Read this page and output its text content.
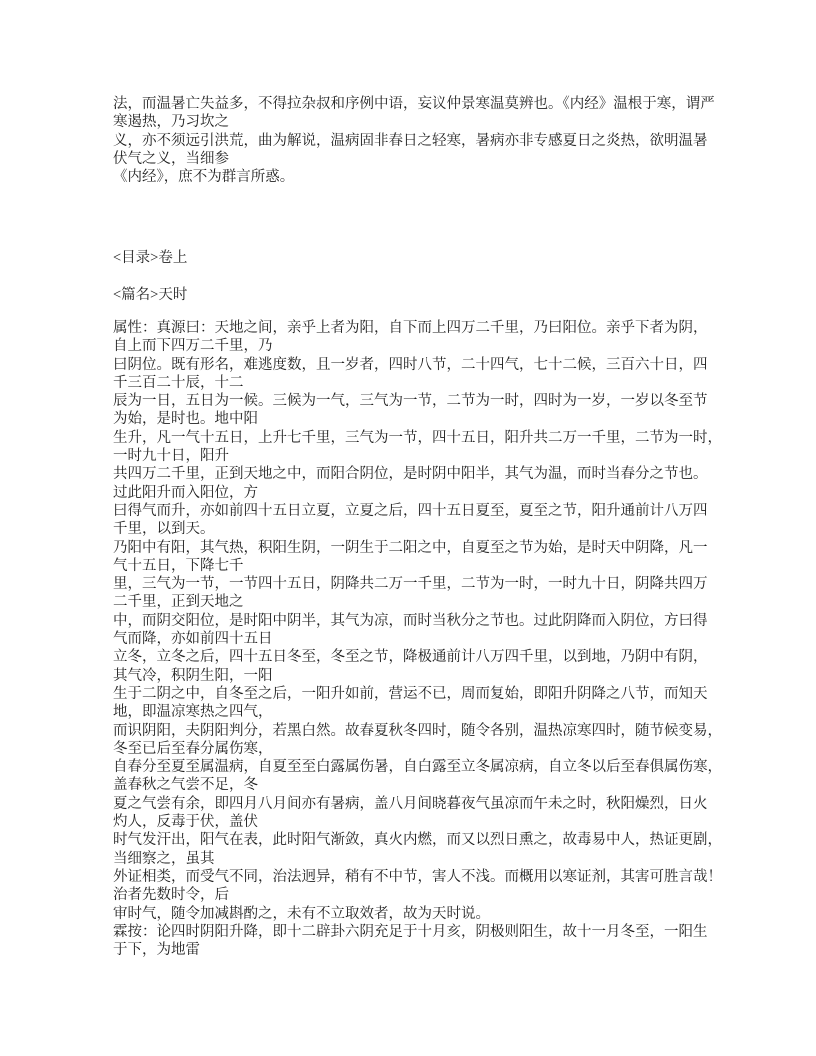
法，而温暑亡失益多，不得拉杂叔和序例中语，妄议仲景寒温莫辨也。《内经》温根于寒，谓严
寒遏热，乃习坎之
义，亦不须远引洪荒，曲为解说，温病固非春日之轻寒，暑病亦非专感夏日之炎热，欲明温暑
伏气之义，当细参
《内经》，庶不为群言所惑。
<目录>卷上
<篇名>天时
属性：真源曰：天地之间，亲乎上者为阳，自下而上四万二千里，乃曰阳位。亲乎下者为阴，
自上而下四万二千里，乃
曰阴位。既有形名，难逃度数，且一岁者，四时八节，二十四气，七十二候，三百六十日，四
千三百二十辰，十二
辰为一日，五日为一候。三候为一气，三气为一节，二节为一时，四时为一岁，一岁以冬至节
为始，是时也。地中阳
生升，凡一气十五日，上升七千里，三气为一节，四十五日，阳升共二万一千里，二节为一时，
一时九十日，阳升
共四万二千里，正到天地之中，而阳合阴位，是时阴中阳半，其气为温，而时当春分之节也。
过此阳升而入阳位，方
曰得气而升，亦如前四十五日立夏，立夏之后，四十五日夏至，夏至之节，阳升通前计八万四
千里，以到天。
乃阳中有阳，其气热，积阳生阴，一阴生于二阳之中，自夏至之节为始，是时天中阴降，凡一
气十五日，下降七千
里，三气为一节，一节四十五日，阴降共二万一千里，二节为一时，一时九十日，阴降共四万
二千里，正到天地之
中，而阴交阳位，是时阳中阴半，其气为凉，而时当秋分之节也。过此阴降而入阴位，方曰得
气而降，亦如前四十五日
立冬，立冬之后，四十五日冬至，冬至之节，降极通前计八万四千里，以到地，乃阴中有阴，
其气冷，积阴生阳，一阳
生于二阴之中，自冬至之后，一阳升如前，营运不已，周而复始，即阳升阴降之八节，而知天
地，即温凉寒热之四气，
而识阴阳，夫阴阳判分，若黑白然。故春夏秋冬四时，随令各别，温热凉寒四时，随节候变易，
冬至已后至春分属伤寒，
自春分至夏至属温病，自夏至至白露属伤暑，自白露至立冬属凉病，自立冬以后至春俱属伤寒，
盖春秋之气尝不足，冬
夏之气尝有余，即四月八月间亦有暑病，盖八月间晓暮夜气虽凉而午未之时，秋阳燥烈，日火
灼人，反毒于伏，盖伏
时气发汗出，阳气在表，此时阳气渐敛，真火内燃，而又以烈日熏之，故毒易中人，热证更剧，
当细察之，虽其
外证相类，而受气不同，治法迥异，稍有不中节，害人不浅。而概用以寒证剂，其害可胜言哉！
治者先数时令，后
审时气，随令加减斟酌之，未有不立取效者，故为天时说。
霖按：论四时阴阳升降，即十二辟卦六阴充足于十月亥，阴极则阳生，故十一月冬至，一阳生
于下，为地雷
